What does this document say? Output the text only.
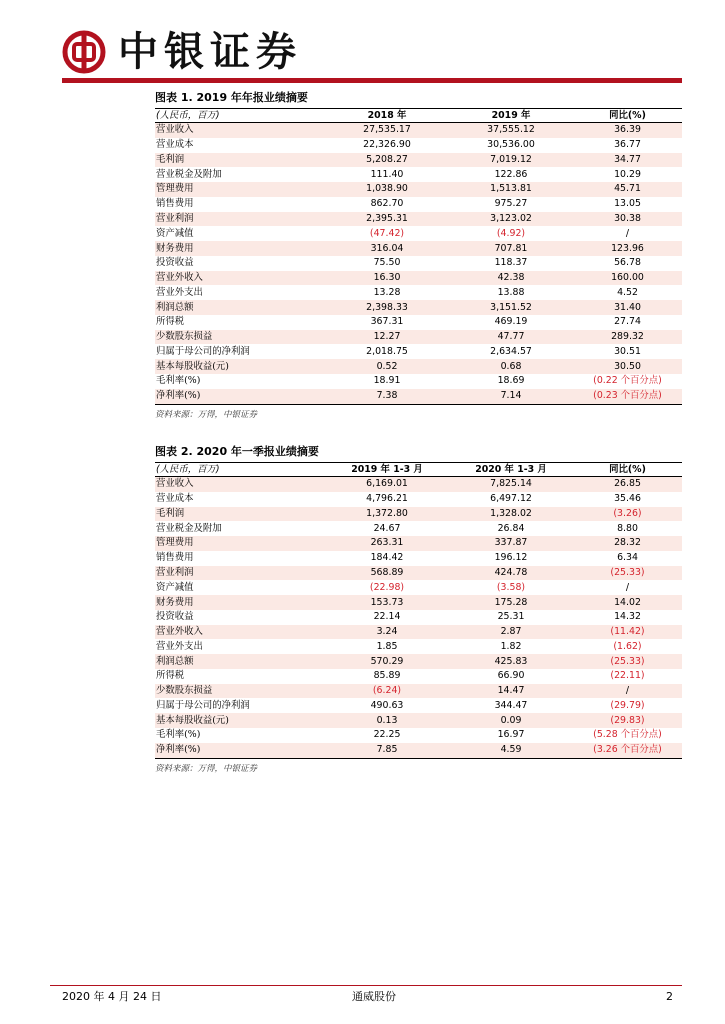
中银证券
图表 1. 2019 年年报业绩摘要
(人民币，百万)	2018 年	2019 年	同比(%)
营业收入	27,535.17	37,555.12	36.39
营业成本	22,326.90	30,536.00	36.77
毛利润	5,208.27	7,019.12	34.77
营业税金及附加	111.40	122.86	10.29
管理费用	1,038.90	1,513.81	45.71
销售费用	862.70	975.27	13.05
营业利润	2,395.31	3,123.02	30.38
资产减值	(47.42)	(4.92)	/
财务费用	316.04	707.81	123.96
投资收益	75.50	118.37	56.78
营业外收入	16.30	42.38	160.00
营业外支出	13.28	13.88	4.52
利润总额	2,398.33	3,151.52	31.40
所得税	367.31	469.19	27.74
少数股东损益	12.27	47.77	289.32
归属于母公司的净利润	2,018.75	2,634.57	30.51
基本每股收益(元)	0.52	0.68	30.50
毛利率(%)	18.91	18.69	(0.22 个百分点)
净利率(%)	7.38	7.14	(0.23 个百分点)
资料来源：万得，中银证券
图表 2. 2020 年一季报业绩摘要
(人民币，百万)	2019 年 1-3 月	2020 年 1-3 月	同比(%)
营业收入	6,169.01	7,825.14	26.85
营业成本	4,796.21	6,497.12	35.46
毛利润	1,372.80	1,328.02	(3.26)
营业税金及附加	24.67	26.84	8.80
管理费用	263.31	337.87	28.32
销售费用	184.42	196.12	6.34
营业利润	568.89	424.78	(25.33)
资产减值	(22.98)	(3.58)	/
财务费用	153.73	175.28	14.02
投资收益	22.14	25.31	14.32
营业外收入	3.24	2.87	(11.42)
营业外支出	1.85	1.82	(1.62)
利润总额	570.29	425.83	(25.33)
所得税	85.89	66.90	(22.11)
少数股东损益	(6.24)	14.47	/
归属于母公司的净利润	490.63	344.47	(29.79)
基本每股收益(元)	0.13	0.09	(29.83)
毛利率(%)	22.25	16.97	(5.28 个百分点)
净利率(%)	7.85	4.59	(3.26 个百分点)
资料来源：万得，中银证券
2020 年 4 月 24 日	通威股份	2
